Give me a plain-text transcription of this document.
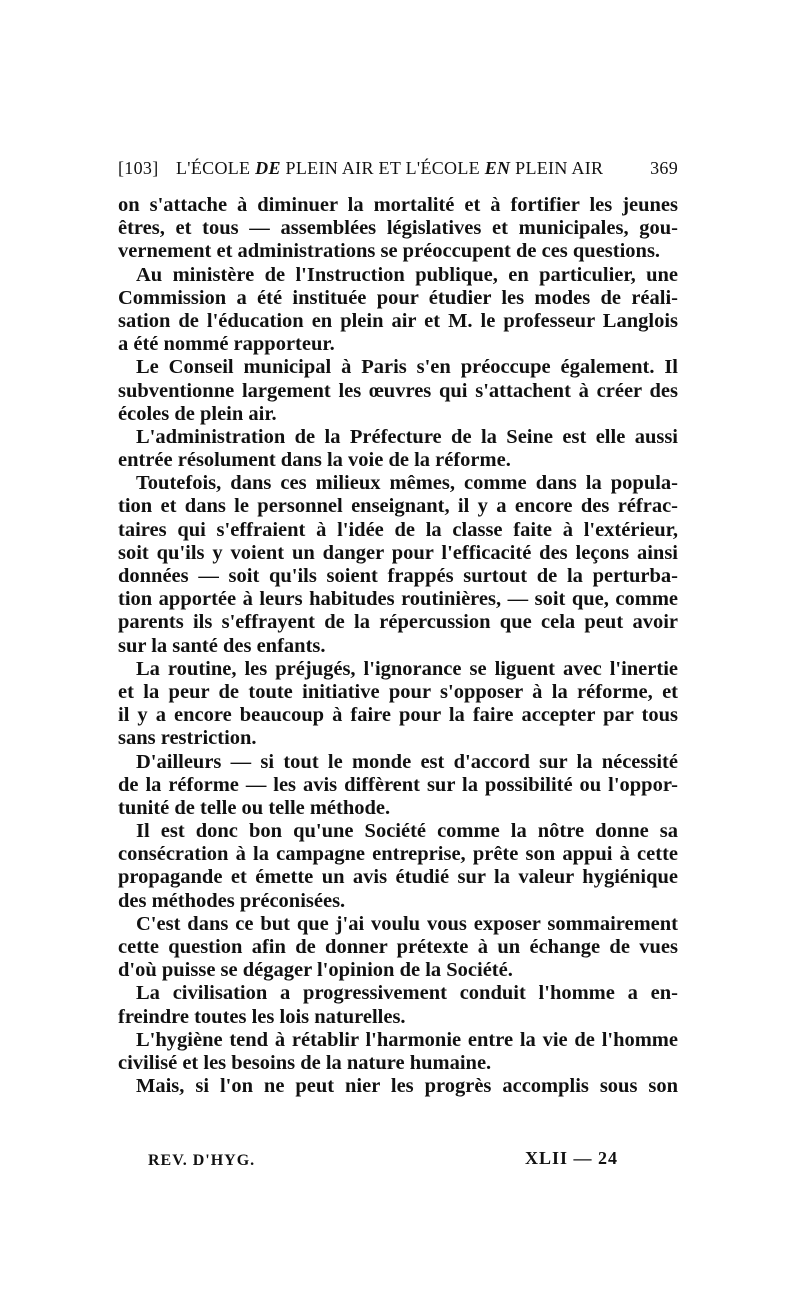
[103] L'ÉCOLE DE PLEIN AIR ET L'ÉCOLE EN PLEIN AIR	369
on s'attache à diminuer la mortalité et à fortifier les jeunes
êtres, et tous — assemblées législatives et municipales, gou-
vernement et administrations se préoccupent de ces questions.
Au ministère de l'Instruction publique, en particulier, une
Commission a été instituée pour étudier les modes de réali-
sation de l'éducation en plein air et M. le professeur Langlois
a été nommé rapporteur.
Le Conseil municipal à Paris s'en préoccupe également. Il
subventionne largement les œuvres qui s'attachent à créer des
écoles de plein air.
L'administration de la Préfecture de la Seine est elle aussi
entrée résolument dans la voie de la réforme.
Toutefois, dans ces milieux mêmes, comme dans la popula-
tion et dans le personnel enseignant, il y a encore des réfrac-
taires qui s'effraient à l'idée de la classe faite à l'extérieur,
soit qu'ils y voient un danger pour l'efficacité des leçons ainsi
données — soit qu'ils soient frappés surtout de la perturba-
tion apportée à leurs habitudes routinières, — soit que, comme
parents ils s'effrayent de la répercussion que cela peut avoir
sur la santé des enfants.
La routine, les préjugés, l'ignorance se liguent avec l'inertie
et la peur de toute initiative pour s'opposer à la réforme, et
il y a encore beaucoup à faire pour la faire accepter par tous
sans restriction.
D'ailleurs — si tout le monde est d'accord sur la nécessité
de la réforme — les avis diffèrent sur la possibilité ou l'oppor-
tunité de telle ou telle méthode.
Il est donc bon qu'une Société comme la nôtre donne sa
consécration à la campagne entreprise, prête son appui à cette
propagande et émette un avis étudié sur la valeur hygiénique
des méthodes préconisées.
C'est dans ce but que j'ai voulu vous exposer sommairement
cette question afin de donner prétexte à un échange de vues
d'où puisse se dégager l'opinion de la Société.
La civilisation a progressivement conduit l'homme a en-
freindre toutes les lois naturelles.
L'hygiène tend à rétablir l'harmonie entre la vie de l'homme
civilisé et les besoins de la nature humaine.
Mais, si l'on ne peut nier les progrès accomplis sous son
REV. D'HYG.	XLII — 24
